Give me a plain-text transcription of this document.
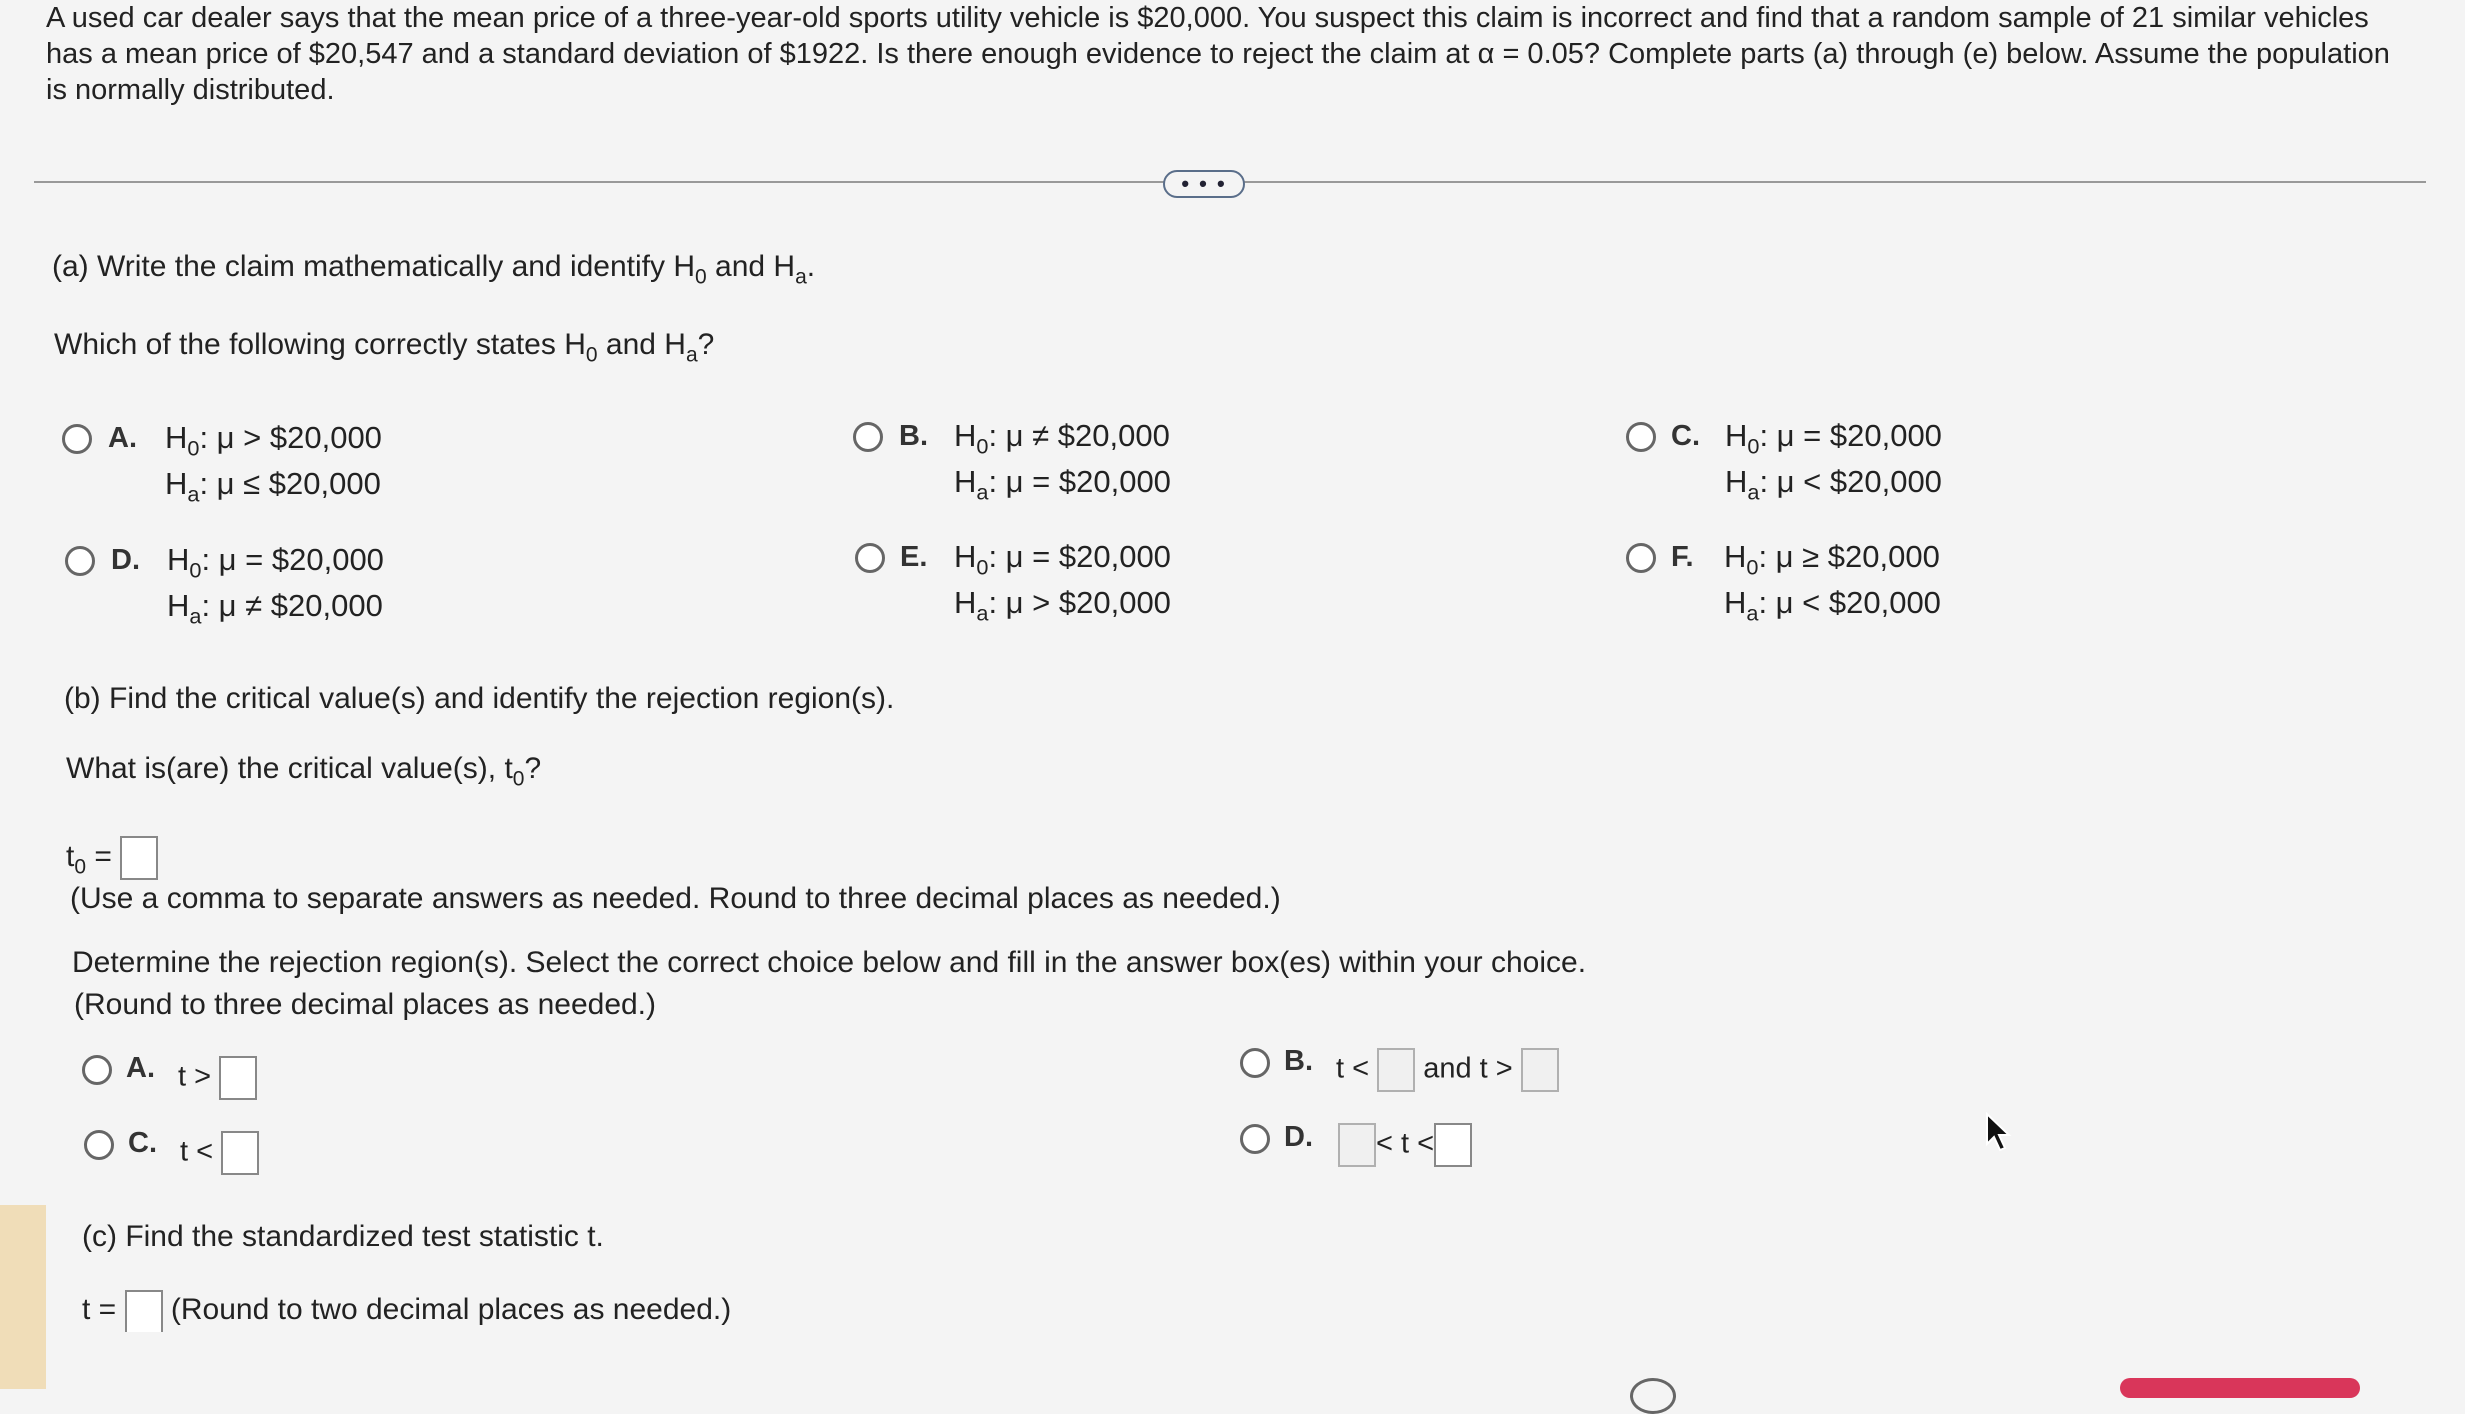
A used car dealer says that the mean price of a three-year-old sports utility vehicle is $20,000. You suspect this claim is incorrect and find that a random sample of 21 similar vehicles has a mean price of $20,547 and a standard deviation of $1922. Is there enough evidence to reject the claim at α = 0.05? Complete parts (a) through (e) below. Assume the population is normally distributed.
• • •
(a) Write the claim mathematically and identify $H_0$ and $H_a$.
Which of the following correctly states $H_0$ and $H_a$?
A. $H_0$: μ > $20,000
$H_a$: μ ≤ $20,000
B. $H_0$: μ ≠ $20,000
$H_a$: μ = $20,000
C. $H_0$: μ = $20,000
$H_a$: μ < $20,000
D. $H_0$: μ = $20,000
$H_a$: μ ≠ $20,000
E. $H_0$: μ = $20,000
$H_a$: μ > $20,000
F. $H_0$: μ ≥ $20,000
$H_a$: μ < $20,000
(b) Find the critical value(s) and identify the rejection region(s).
What is(are) the critical value(s), $t_0$?
$t_0$ =
(Use a comma to separate answers as needed. Round to three decimal places as needed.)
Determine the rejection region(s). Select the correct choice below and fill in the answer box(es) within your choice.
(Round to three decimal places as needed.)
A. t >	B. t < and t >
C. t <	D.	< t <
(c) Find the standardized test statistic t.
t = (Round to two decimal places as needed.)
